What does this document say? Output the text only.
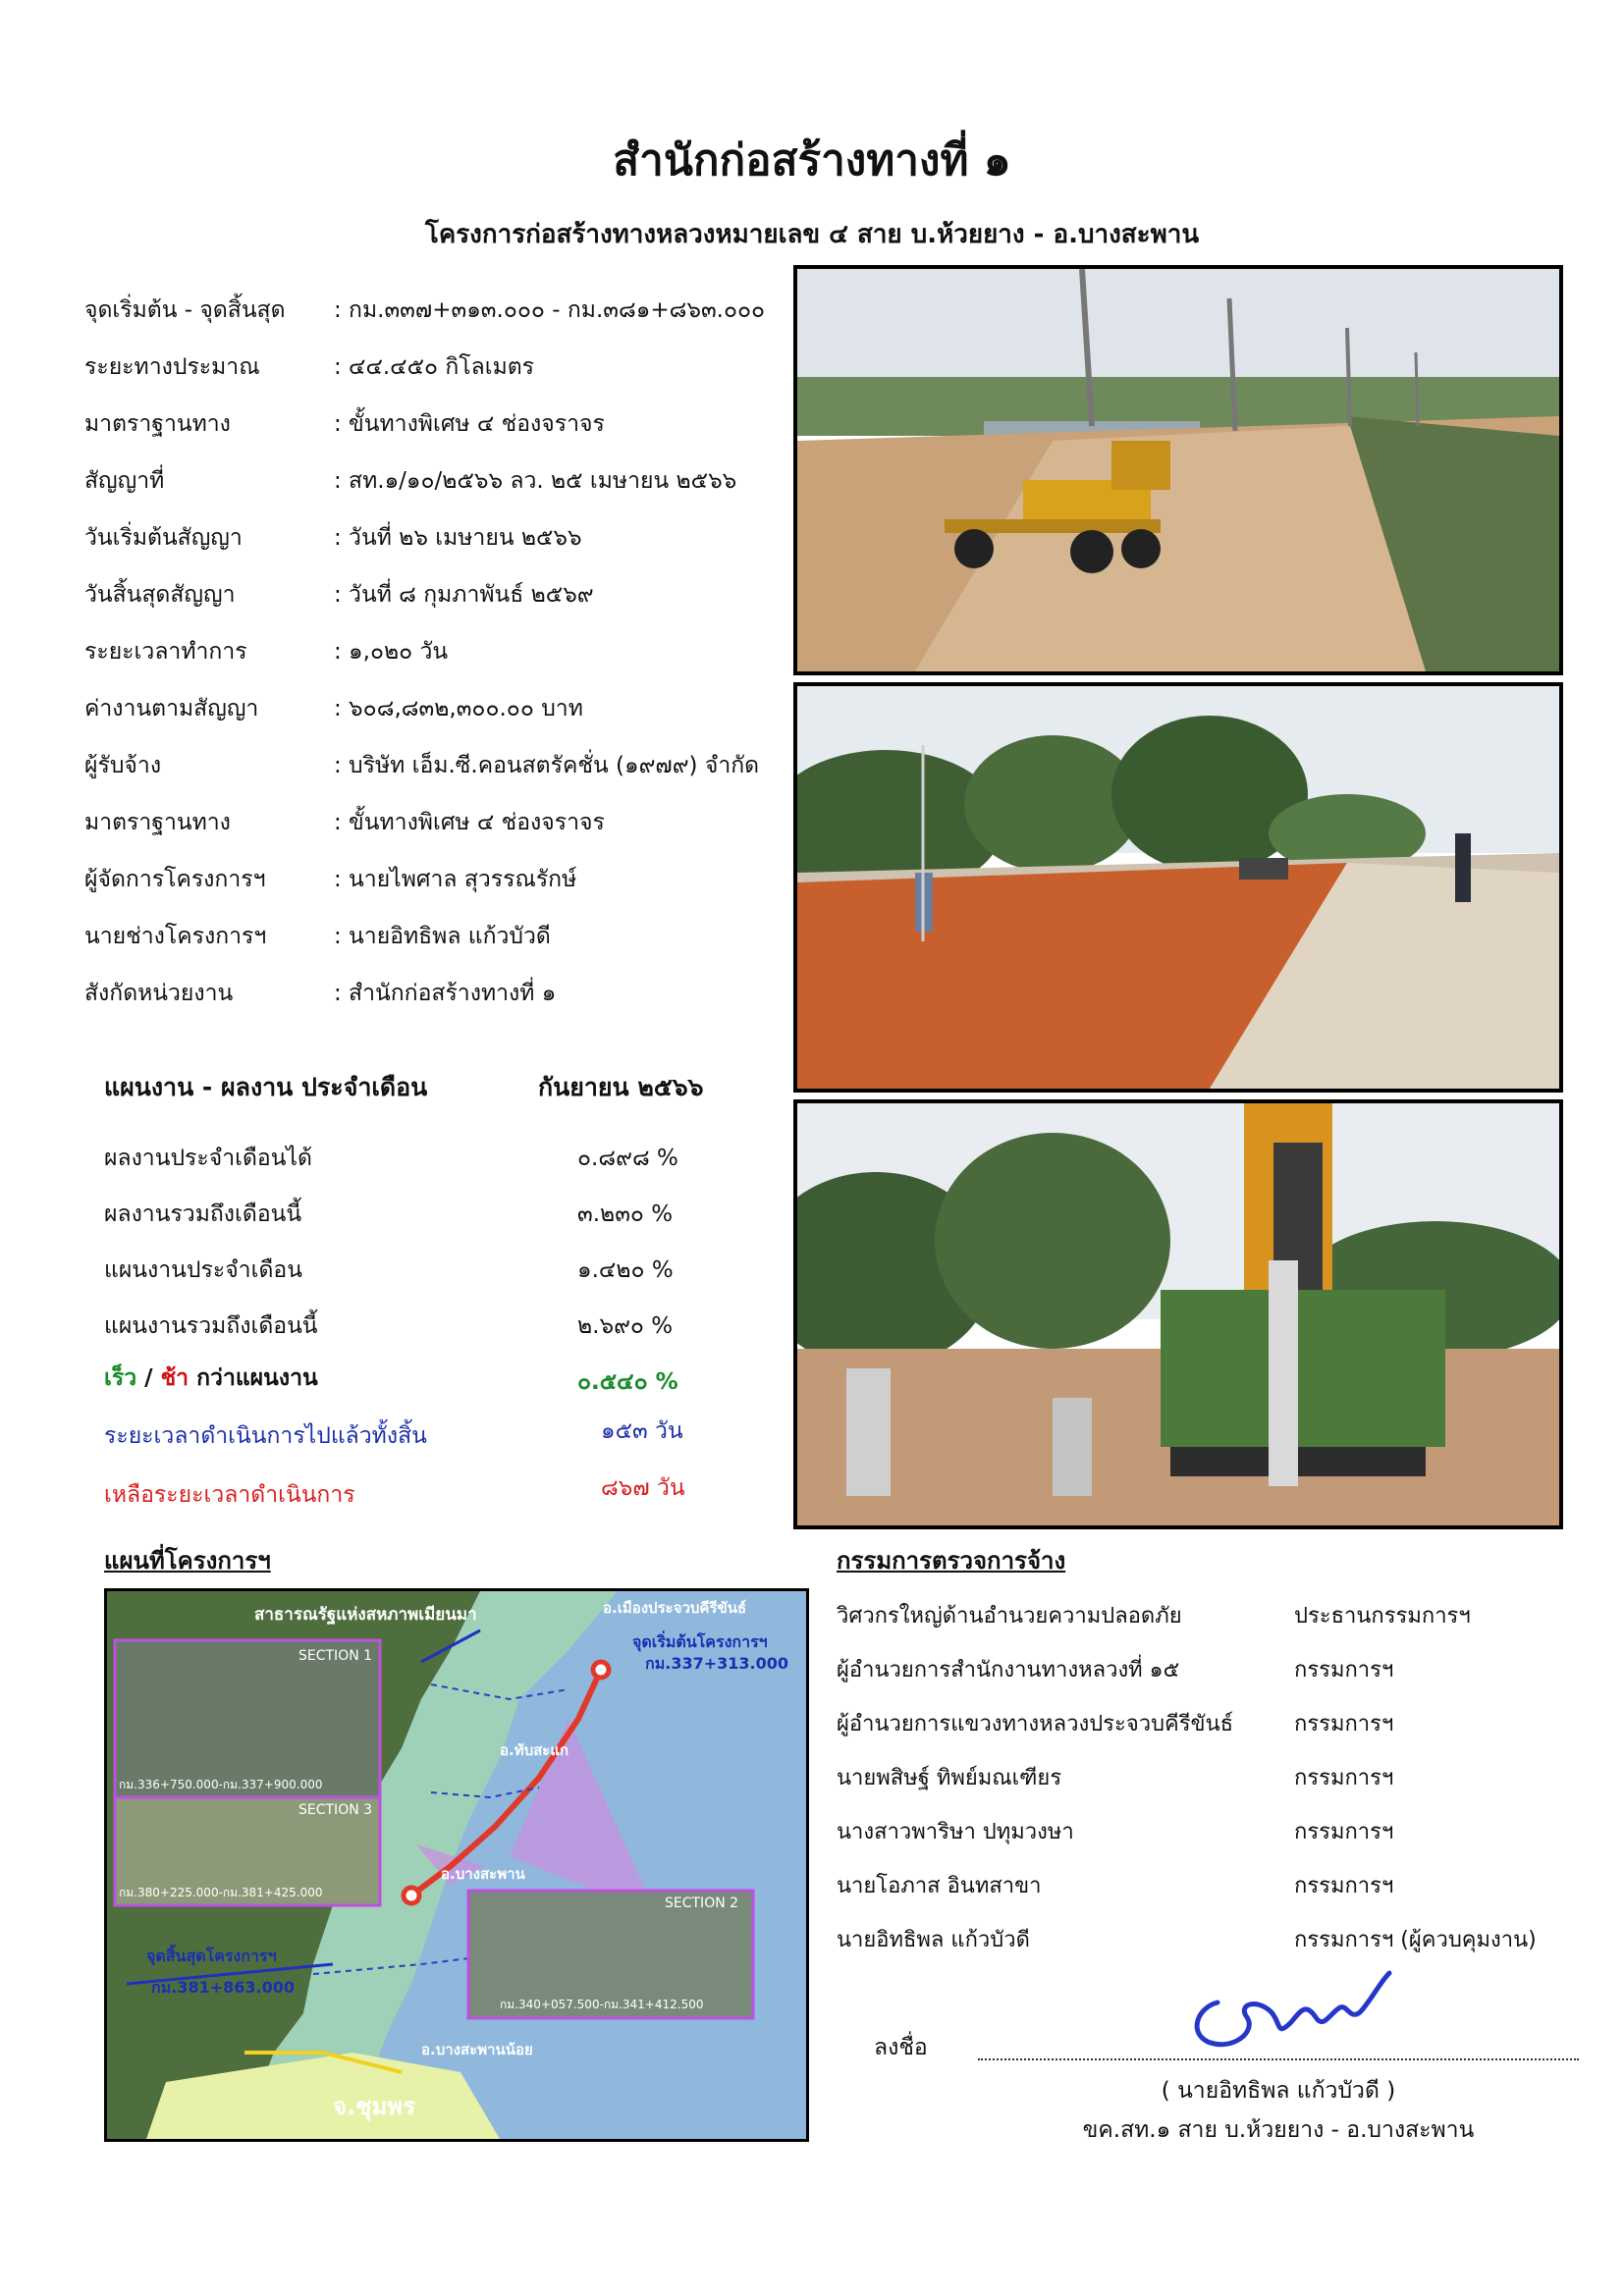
สำนักก่อสร้างทางที่ ๑
โครงการก่อสร้างทางหลวงหมายเลข ๔ สาย บ.ห้วยยาง - อ.บางสะพาน
จุดเริ่มต้น - จุดสิ้นสุด : กม.๓๓๗+๓๑๓.๐๐๐ - กม.๓๘๑+๘๖๓.๐๐๐
ระยะทางประมาณ	: ๔๔.๔๕๐ กิโลเมตร
มาตราฐานทาง	: ขั้นทางพิเศษ ๔ ช่องจราจร
สัญญาที่	: สท.๑/๑๐/๒๕๖๖ ลว. ๒๕ เมษายน ๒๕๖๖
วันเริ่มต้นสัญญา	: วันที่ ๒๖ เมษายน ๒๕๖๖
วันสิ้นสุดสัญญา	: วันที่ ๘ กุมภาพันธ์ ๒๕๖๙
ระยะเวลาทำการ	: ๑,๐๒๐ วัน
ค่างานตามสัญญา	: ๖๐๘,๘๓๒,๓๐๐.๐๐ บาท
ผู้รับจ้าง	: บริษัท เอ็ม.ซี.คอนสตรัคชั่น (๑๙๗๙) จำกัด
มาตราฐานทาง	: ขั้นทางพิเศษ ๔ ช่องจราจร
ผู้จัดการโครงการฯ	: นายไพศาล สุวรรณรักษ์
นายช่างโครงการฯ	: นายอิทธิพล แก้วบัวดี
สังกัดหน่วยงาน	: สำนักก่อสร้างทางที่ ๑
แผนงาน - ผลงาน ประจำเดือน	กันยายน ๒๕๖๖
ผลงานประจำเดือนได้	๐.๘๙๘ %
ผลงานรวมถึงเดือนนี้	๓.๒๓๐ %
แผนงานประจำเดือน	๑.๔๒๐ %
แผนงานรวมถึงเดือนนี้	๒.๖๙๐ %
เร็ว / ช้า กว่าแผนงาน	๐.๕๔๐ %
ระยะเวลาดำเนินการไปแล้วทั้งสิ้น	๑๕๓ วัน
เหลือระยะเวลาดำเนินการ	๘๖๗ วัน
แผนที่โครงการฯ
สาธารณรัฐแห่งสหภาพเมียนมา	อ.เมืองประจวบคีรีขันธ์
จุดเริ่มต้นโครงการฯ
กม.337+313.000
อ.ทับสะแก
อ.บางสะพาน
อ.บางสะพานน้อย
จ.ชุมพร
จุดสิ้นสุดโครงการฯ
กม.381+863.000
SECTION 1
กม.336+750.000-กม.337+900.000
SECTION 3
กม.380+225.000-กม.381+425.000
SECTION 2
กม.340+057.500-กม.341+412.500
กรรมการตรวจการจ้าง
วิศวกรใหญ่ด้านอำนวยความปลอดภัย	ประธานกรรมการฯ
ผู้อำนวยการสำนักงานทางหลวงที่ ๑๕	กรรมการฯ
ผู้อำนวยการแขวงทางหลวงประจวบคีรีขันธ์	กรรมการฯ
นายพสิษฐ์ ทิพย์มณเฑียร	กรรมการฯ
นางสาวพาริษา ปทุมวงษา	กรรมการฯ
นายโอภาส อินทสาขา	กรรมการฯ
นายอิทธิพล แก้วบัวดี	กรรมการฯ (ผู้ควบคุมงาน)
ลงชื่อ
( นายอิทธิพล แก้วบัวดี )
ขค.สท.๑ สาย บ.ห้วยยาง - อ.บางสะพาน
